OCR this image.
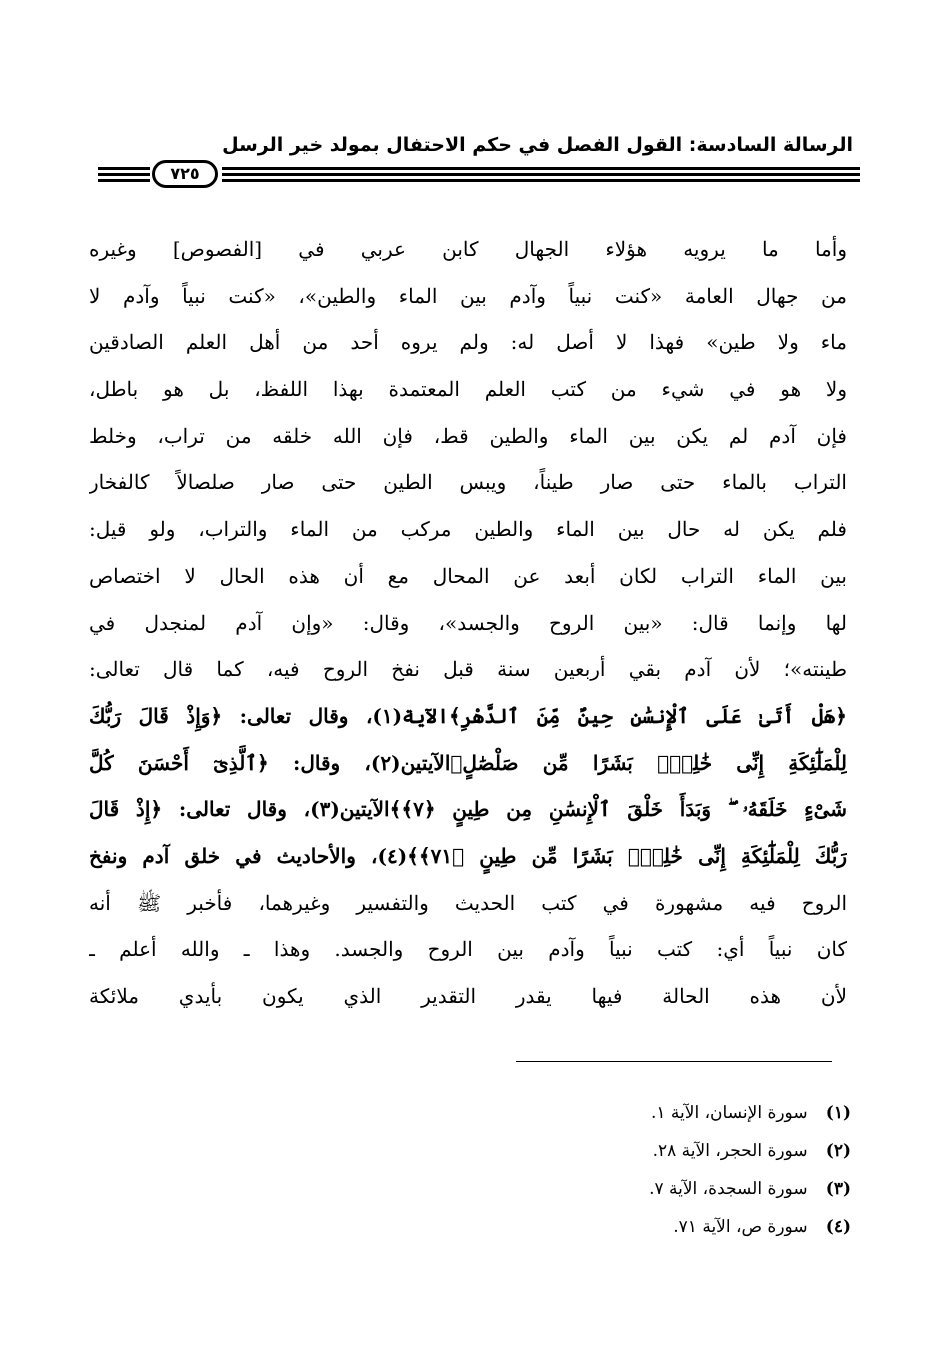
الرسالة السادسة: القول الفصل في حكم الاحتفال بمولد خير الرسل
٧٢٥
وأما ما يرويه هؤلاء الجهال كابن عربي في [الفصوص] وغيره
من جهال العامة «كنت نبياً وآدم بين الماء والطين»، «كنت نبياً وآدم لا
ماء ولا طين» فهذا لا أصل له: ولم يروه أحد من أهل العلم الصادقين
ولا هو في شيء من كتب العلم المعتمدة بهذا اللفظ، بل هو باطل،
فإن آدم لم يكن بين الماء والطين قط، فإن الله خلقه من تراب، وخلط
التراب بالماء حتى صار طيناً، ويبس الطين حتى صار صلصالاً كالفخار
فلم يكن له حال بين الماء والطين مركب من الماء والتراب، ولو قيل:
بين الماء التراب لكان أبعد عن المحال مع أن هذه الحال لا اختصاص
لها وإنما قال: «بين الروح والجسد»، وقال: «وإن آدم لمنجدل في
طينته»؛ لأن آدم بقي أربعين سنة قبل نفخ الروح فيه، كما قال تعالى:
﴿هَلْ أَتَىٰ عَلَى ٱلْإِنسَٰنِ حِينٌ مِّنَ ٱلدَّهْرِ﴾الآية(١)، وقال تعالى: ﴿وَإِذْ قَالَ رَبُّكَ
لِلْمَلَٰٓئِكَةِ إِنِّى خَٰلِقٌۢ بَشَرًا مِّن صَلْصَٰلٍ﴾الآيتين(٢)، وقال: ﴿ٱلَّذِىٓ أَحْسَنَ كُلَّ
شَىْءٍ خَلَقَهُۥ ۖ وَبَدَأَ خَلْقَ ٱلْإِنسَٰنِ مِن طِينٍ ﴿٧﴾﴾الآيتين(٣)، وقال تعالى: ﴿إِذْ قَالَ
رَبُّكَ لِلْمَلَٰٓئِكَةِ إِنِّى خَٰلِقٌۢ بَشَرًا مِّن طِينٍ ﴿٧١﴾﴾(٤)، والأحاديث في خلق آدم ونفخ
الروح فيه مشهورة في كتب الحديث والتفسير وغيرهما، فأخبر ﷺ أنه
كان نبياً أي: كتب نبياً وآدم بين الروح والجسد. وهذا ـ والله أعلم ـ
لأن هذه الحالة فيها يقدر التقدير الذي يكون بأيدي ملائكة
(١) سورة الإنسان، الآية ١.
(٢) سورة الحجر، الآية ٢٨.
(٣) سورة السجدة، الآية ٧.
(٤) سورة ص، الآية ٧١.
